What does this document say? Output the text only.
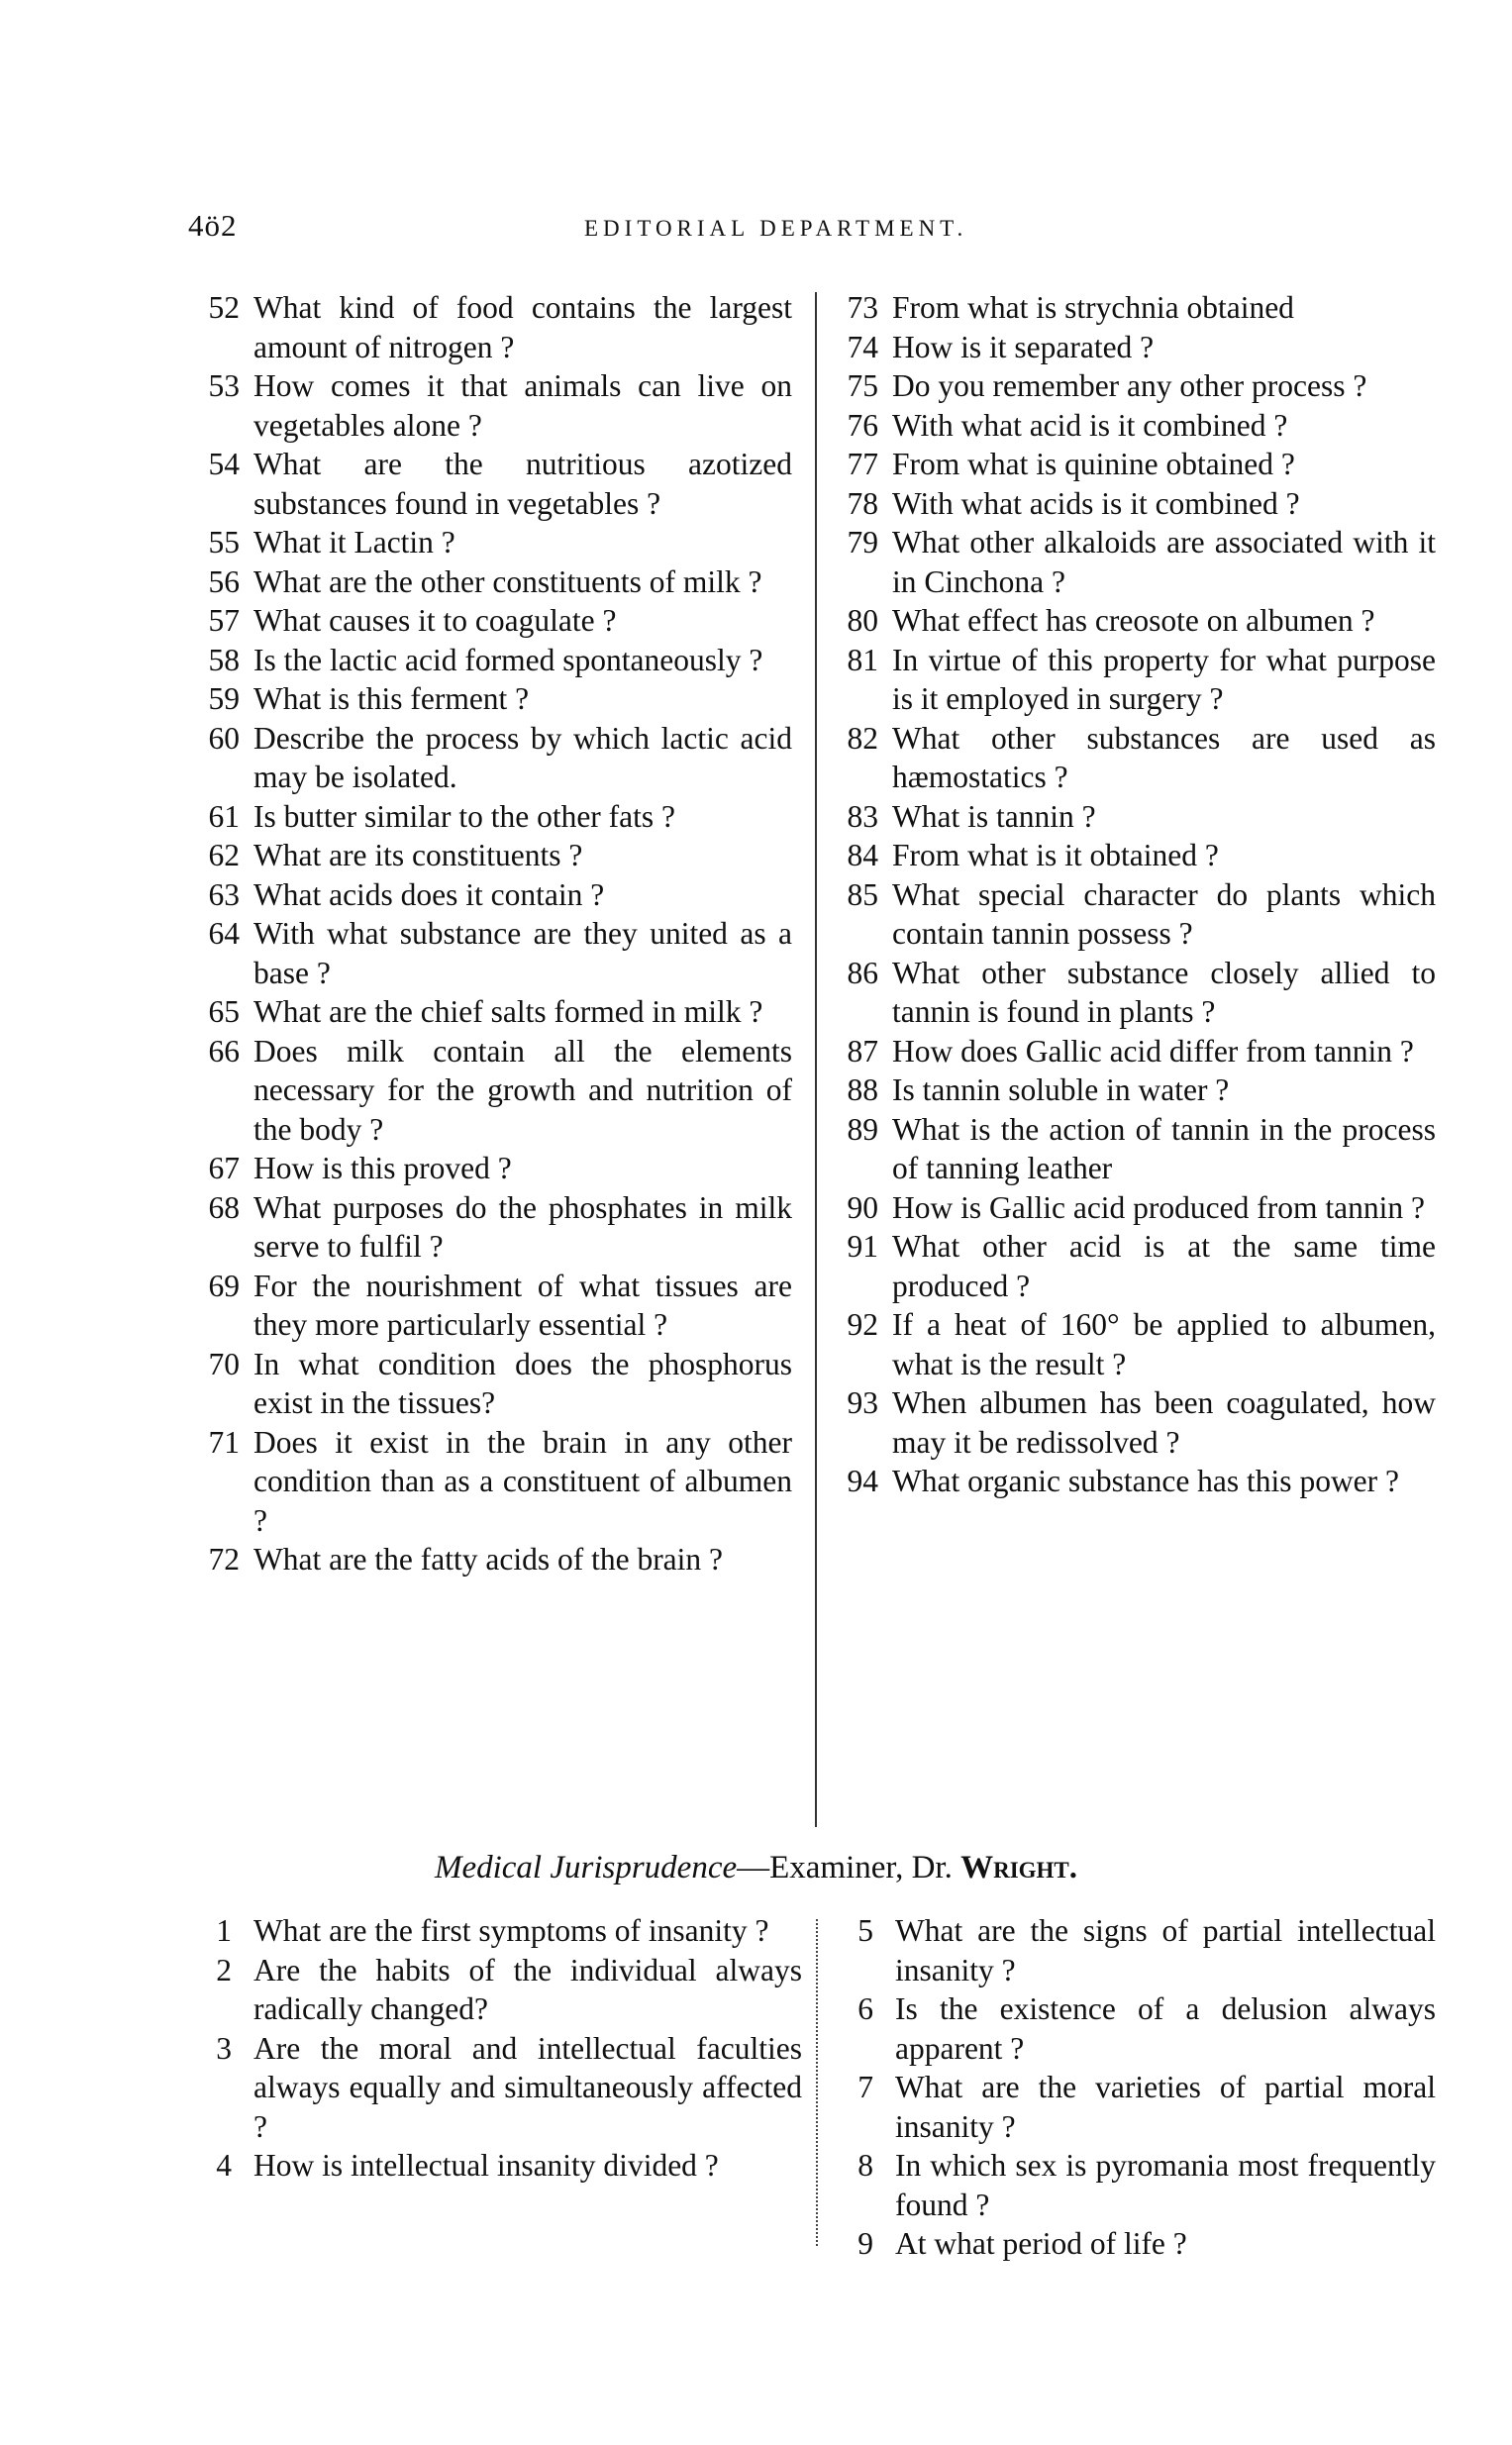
4ö2	EDITORIAL DEPARTMENT.
52 What kind of food contains the largest amount of nitrogen ?
53 How comes it that animals can live on vegetables alone ?
54 What are the nutritious azotized substances found in vegetables ?
55 What it Lactin ?
56 What are the other constituents of milk ?
57 What causes it to coagulate ?
58 Is the lactic acid formed spontaneously ?
59 What is this ferment ?
60 Describe the process by which lactic acid may be isolated.
61 Is butter similar to the other fats ?
62 What are its constituents ?
63 What acids does it contain ?
64 With what substance are they united as a base ?
65 What are the chief salts formed in milk ?
66 Does milk contain all the elements necessary for the growth and nutrition of the body ?
67 How is this proved ?
68 What purposes do the phosphates in milk serve to fulfil ?
69 For the nourishment of what tissues are they more particularly essential ?
70 In what condition does the phosphorus exist in the tissues?
71 Does it exist in the brain in any other condition than as a constituent of albumen ?
72 What are the fatty acids of the brain ?
73 From what is strychnia obtained
74 How is it separated ?
75 Do you remember any other process ?
76 With what acid is it combined ?
77 From what is quinine obtained ?
78 With what acids is it combined ?
79 What other alkaloids are associated with it in Cinchona ?
80 What effect has creosote on albumen ?
81 In virtue of this property for what purpose is it employed in surgery ?
82 What other substances are used as hæmostatics ?
83 What is tannin ?
84 From what is it obtained ?
85 What special character do plants which contain tannin possess ?
86 What other substance closely allied to tannin is found in plants ?
87 How does Gallic acid differ from tannin ?
88 Is tannin soluble in water ?
89 What is the action of tannin in the process of tanning leather
90 How is Gallic acid produced from tannin ?
91 What other acid is at the same time produced ?
92 If a heat of 160° be applied to albumen, what is the result ?
93 When albumen has been coagulated, how may it be redissolved ?
94 What organic substance has this power ?
Medical Jurisprudence—Examiner, Dr. Wright.
1 What are the first symptoms of insanity ?
2 Are the habits of the individual always radically changed?
3 Are the moral and intellectual faculties always equally and simultaneously affected ?
4 How is intellectual insanity divided ?
5 What are the signs of partial intellectual insanity ?
6 Is the existence of a delusion always apparent ?
7 What are the varieties of partial moral insanity ?
8 In which sex is pyromania most frequently found ?
9 At what period of life ?
